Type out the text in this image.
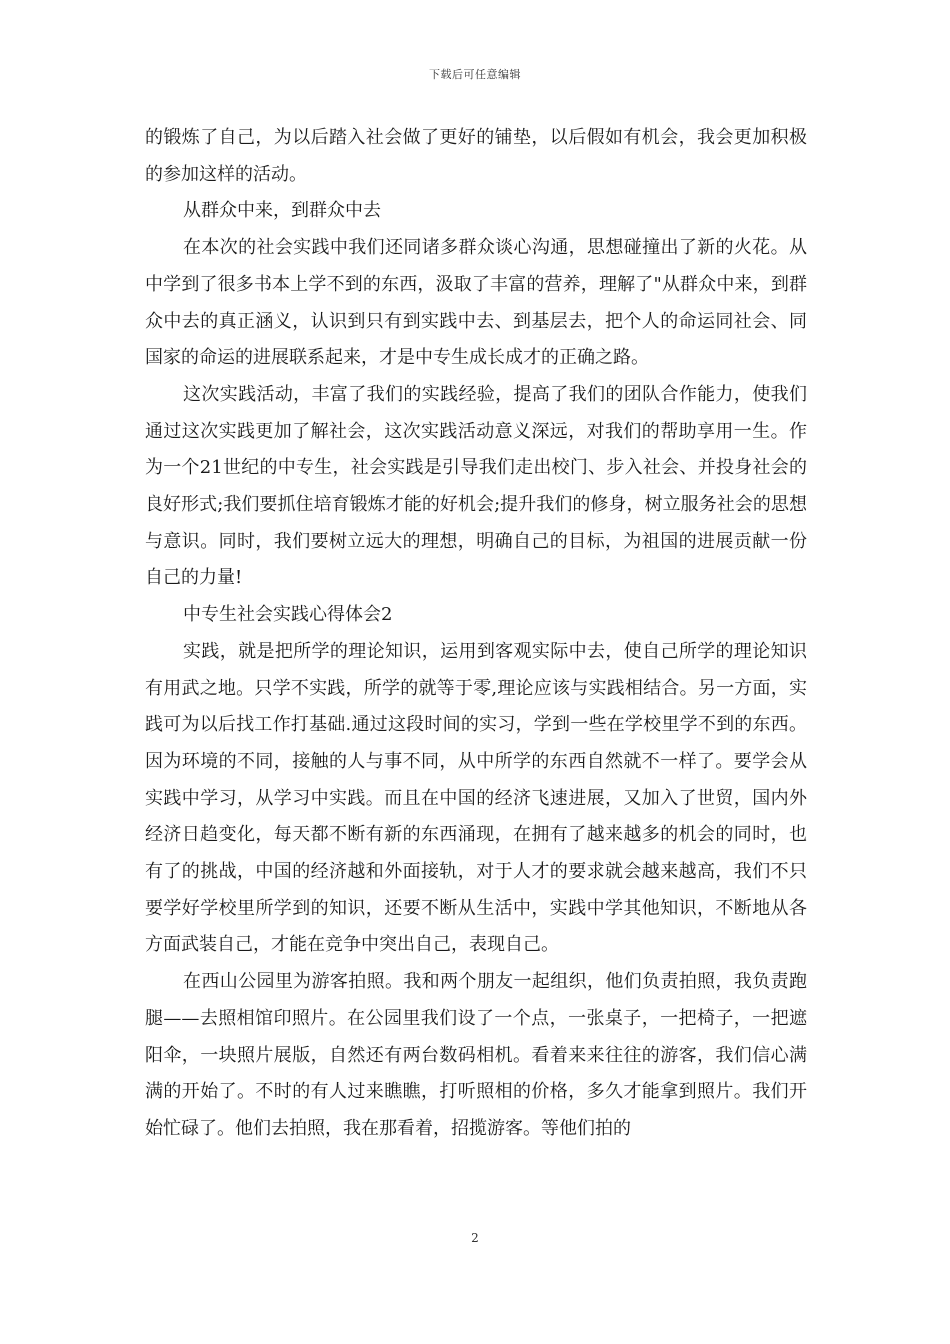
下载后可任意编辑

的锻炼了自己，为以后踏入社会做了更好的铺垫，以后假如有机会，我会更加积极的参加这样的活动。

从群众中来，到群众中去

在本次的社会实践中我们还同诸多群众谈心沟通，思想碰撞出了新的火花。从中学到了很多书本上学不到的东西，汲取了丰富的营养，理解了"从群众中来，到群众中去的真正涵义，认识到只有到实践中去、到基层去，把个人的命运同社会、同国家的命运的进展联系起来，才是中专生成长成才的正确之路。

这次实践活动，丰富了我们的实践经验，提高了我们的团队合作能力，使我们通过这次实践更加了解社会，这次实践活动意义深远，对我们的帮助享用一生。作为一个21世纪的中专生，社会实践是引导我们走出校门、步入社会、并投身社会的良好形式;我们要抓住培育锻炼才能的好机会;提升我们的修身，树立服务社会的思想与意识。同时，我们要树立远大的理想，明确自己的目标，为祖国的进展贡献一份自己的力量!

中专生社会实践心得体会2

实践，就是把所学的理论知识，运用到客观实际中去，使自己所学的理论知识有用武之地。只学不实践，所学的就等于零,理论应该与实践相结合。另一方面，实践可为以后找工作打基础.通过这段时间的实习，学到一些在学校里学不到的东西。因为环境的不同，接触的人与事不同，从中所学的东西自然就不一样了。要学会从实践中学习，从学习中实践。而且在中国的经济飞速进展，又加入了世贸，国内外经济日趋变化，每天都不断有新的东西涌现，在拥有了越来越多的机会的同时，也有了的挑战，中国的经济越和外面接轨，对于人才的要求就会越来越高，我们不只要学好学校里所学到的知识，还要不断从生活中，实践中学其他知识，不断地从各方面武装自己，才能在竞争中突出自己，表现自己。

在西山公园里为游客拍照。我和两个朋友一起组织，他们负责拍照，我负责跑腿——去照相馆印照片。在公园里我们设了一个点，一张桌子，一把椅子，一把遮阳伞，一块照片展版，自然还有两台数码相机。看着来来往往的游客，我们信心满满的开始了。不时的有人过来瞧瞧，打听照相的价格，多久才能拿到照片。我们开始忙碌了。他们去拍照，我在那看着，招揽游客。等他们拍的

2
